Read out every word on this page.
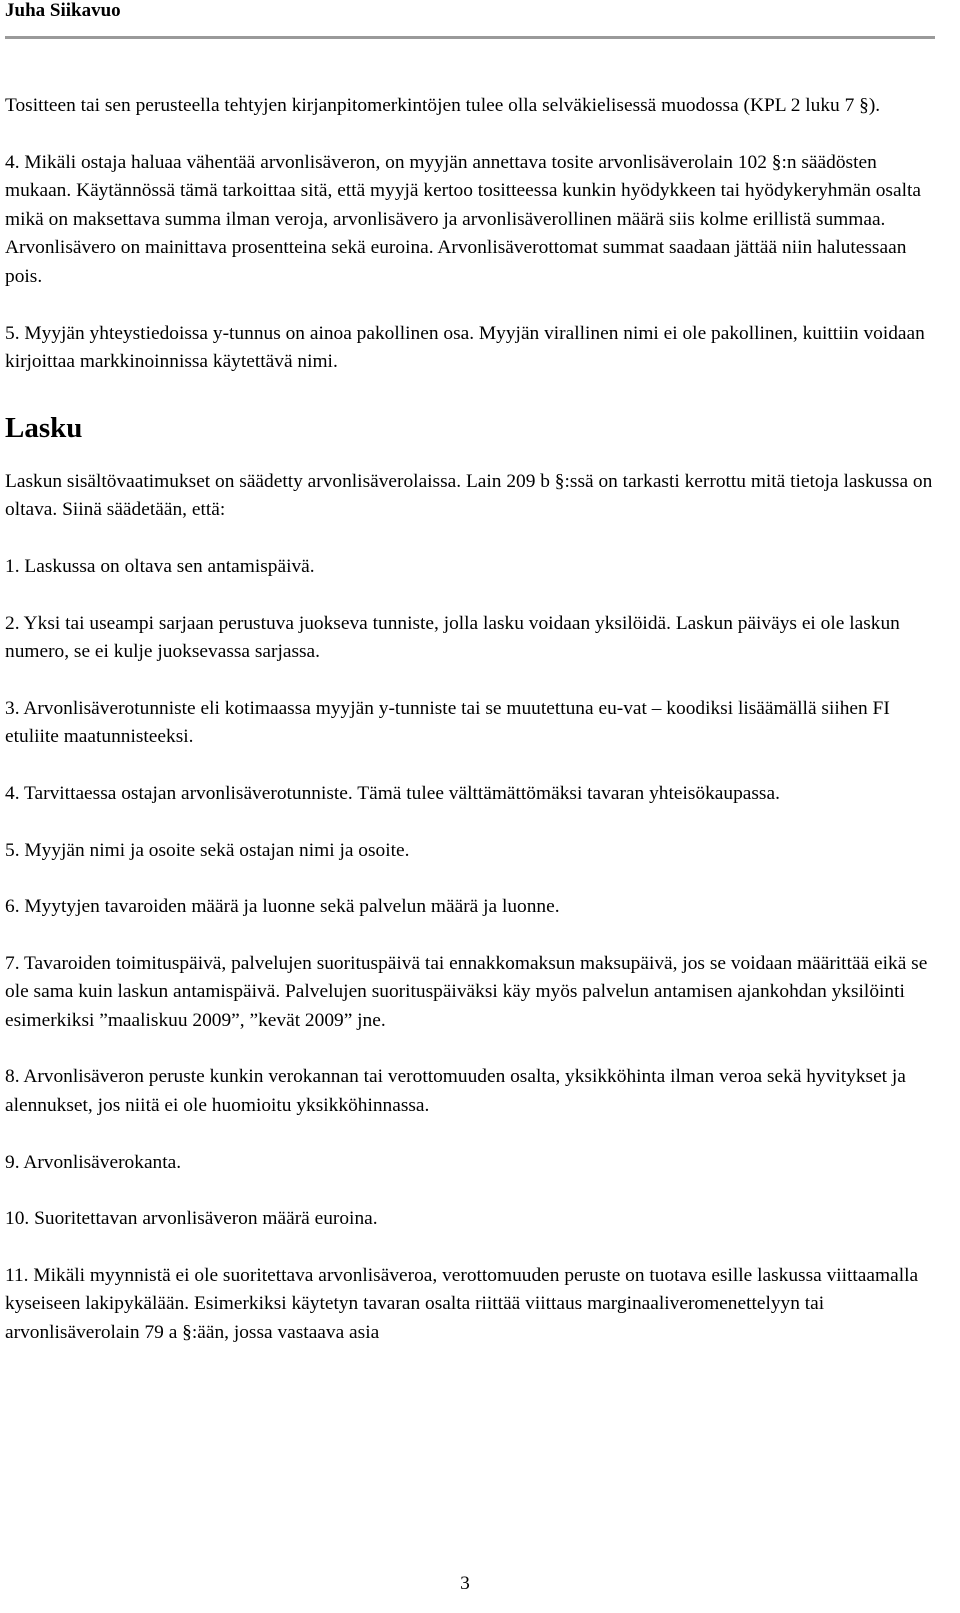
Juha Siikavuo

Tositteen tai sen perusteella tehtyjen kirjanpitomerkintöjen tulee olla selväkielisessä muodossa (KPL 2 luku 7 §).

4. Mikäli ostaja haluaa vähentää arvonlisäveron, on myyjän annettava tosite arvonlisäverolain 102 §:n säädösten mukaan. Käytännössä tämä tarkoittaa sitä, että myyjä kertoo tositteessa kunkin hyödykkeen tai hyödykeryhmän osalta mikä on maksettava summa ilman veroja, arvonlisävero ja arvonlisäverollinen määrä siis kolme erillistä summaa. Arvonlisävero on mainittava prosentteina sekä euroina. Arvonlisäverottomat summat saadaan jättää niin halutessaan pois.

5. Myyjän yhteystiedoissa y-tunnus on ainoa pakollinen osa. Myyjän virallinen nimi ei ole pakollinen, kuittiin voidaan kirjoittaa markkinoinnissa käytettävä nimi.

Lasku

Laskun sisältövaatimukset on säädetty arvonlisäverolaissa. Lain 209 b §:ssä on tarkasti kerrottu mitä tietoja laskussa on oltava. Siinä säädetään, että:

1. Laskussa on oltava sen antamispäivä.

2. Yksi tai useampi sarjaan perustuva juokseva tunniste, jolla lasku voidaan yksilöidä. Laskun päiväys ei ole laskun numero, se ei kulje juoksevassa sarjassa.

3. Arvonlisäverotunniste eli kotimaassa myyjän y-tunniste tai se muutettuna eu-vat – koodiksi lisäämällä siihen FI etuliite maatunnisteeksi.

4. Tarvittaessa ostajan arvonlisäverotunniste. Tämä tulee välttämättömäksi tavaran yhteisökaupassa.

5. Myyjän nimi ja osoite sekä ostajan nimi ja osoite.

6. Myytyjen tavaroiden määrä ja luonne sekä palvelun määrä ja luonne.

7. Tavaroiden toimituspäivä, palvelujen suorituspäivä tai ennakkomaksun maksupäivä, jos se voidaan määrittää eikä se ole sama kuin laskun antamispäivä. Palvelujen suorituspäiväksi käy myös palvelun antamisen ajankohdan yksilöinti esimerkiksi ”maaliskuu 2009”, ”kevät 2009” jne.

8. Arvonlisäveron peruste kunkin verokannan tai verottomuuden osalta, yksikköhinta ilman veroa sekä hyvitykset ja alennukset, jos niitä ei ole huomioitu yksikköhinnassa.

9. Arvonlisäverokanta.

10. Suoritettavan arvonlisäveron määrä euroina.

11. Mikäli myynnistä ei ole suoritettava arvonlisäveroa, verottomuuden peruste on tuotava esille laskussa viittaamalla kyseiseen lakipykälään. Esimerkiksi käytetyn tavaran osalta riittää viittaus marginaaliveromenettelyyn tai arvonlisäverolain 79 a §:ään, jossa vastaava asia

3
